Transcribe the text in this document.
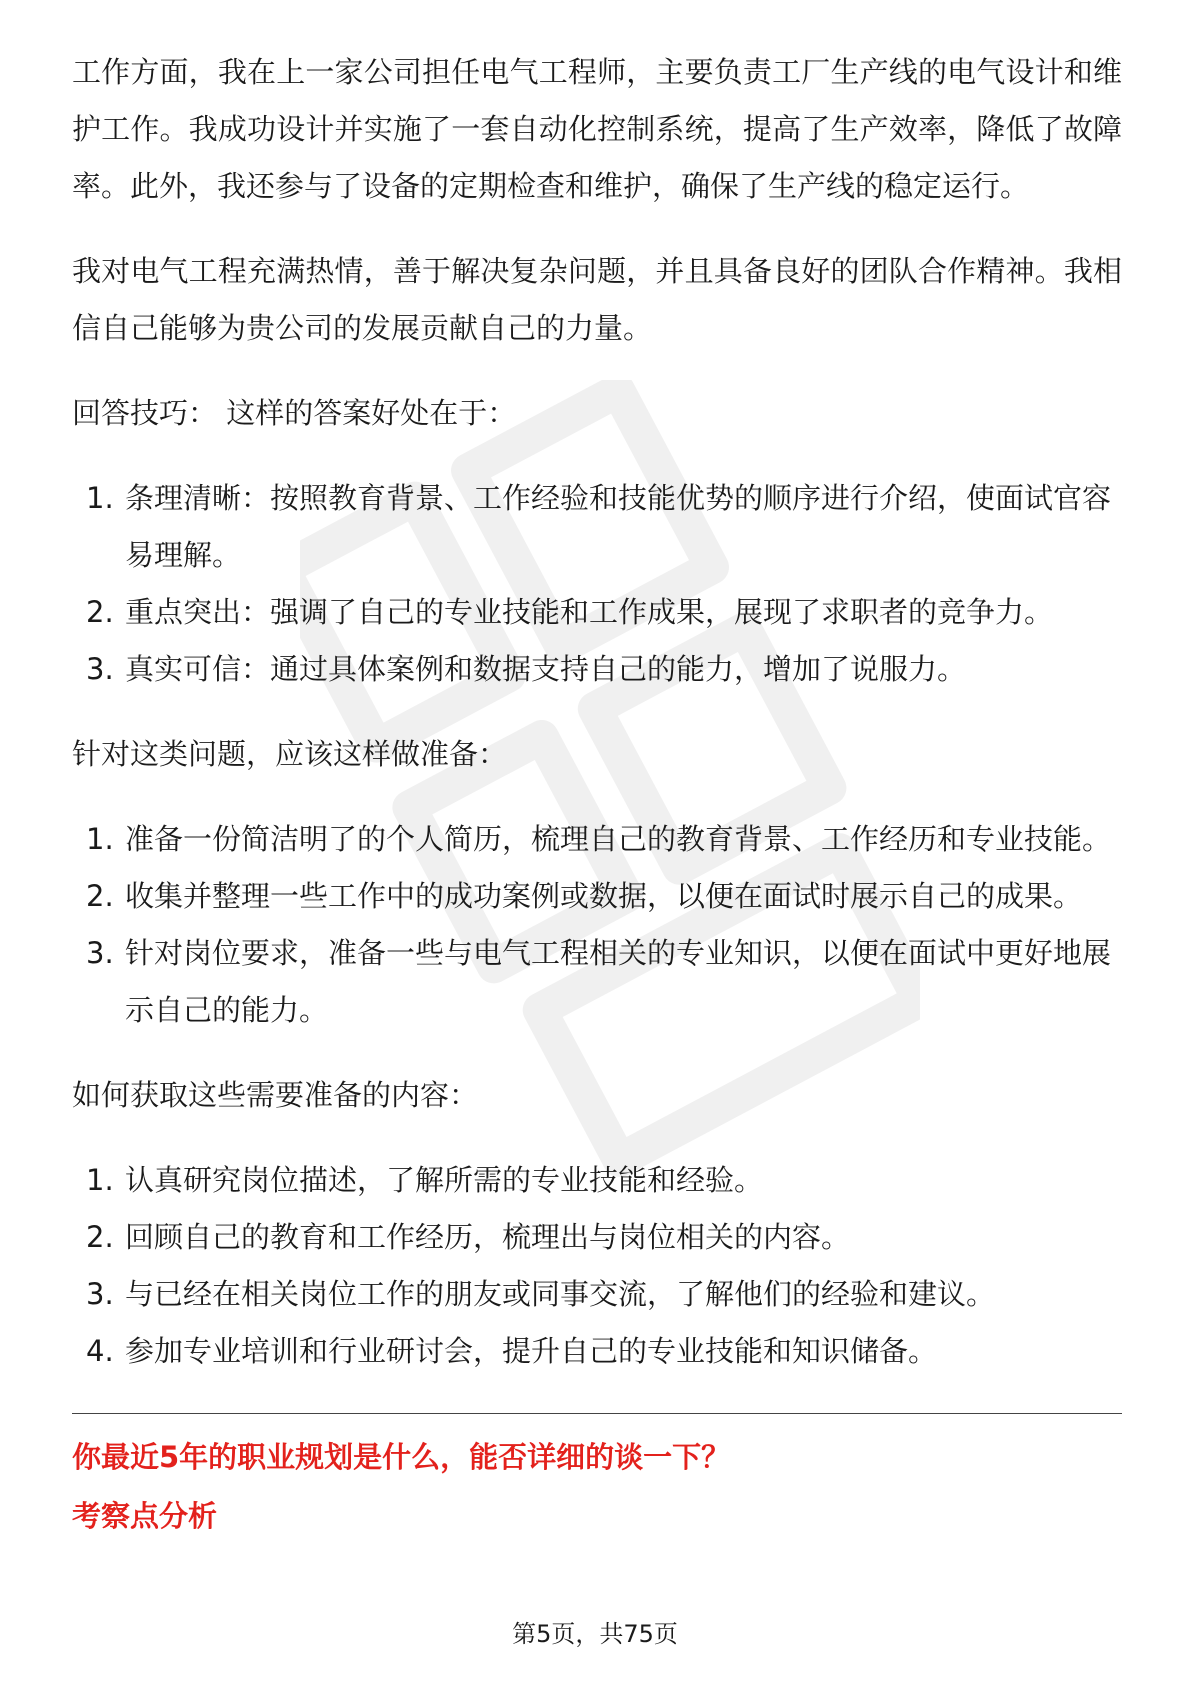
工作方面，我在上一家公司担任电气工程师，主要负责工厂生产线的电气设计和维护工作。我成功设计并实施了一套自动化控制系统，提高了生产效率，降低了故障率。此外，我还参与了设备的定期检查和维护，确保了生产线的稳定运行。

我对电气工程充满热情，善于解决复杂问题，并且具备良好的团队合作精神。我相信自己能够为贵公司的发展贡献自己的力量。

回答技巧： 这样的答案好处在于：

1. 条理清晰：按照教育背景、工作经验和技能优势的顺序进行介绍，使面试官容易理解。
2. 重点突出：强调了自己的专业技能和工作成果，展现了求职者的竞争力。
3. 真实可信：通过具体案例和数据支持自己的能力，增加了说服力。

针对这类问题，应该这样做准备：

1. 准备一份简洁明了的个人简历，梳理自己的教育背景、工作经历和专业技能。
2. 收集并整理一些工作中的成功案例或数据，以便在面试时展示自己的成果。
3. 针对岗位要求，准备一些与电气工程相关的专业知识，以便在面试中更好地展示自己的能力。

如何获取这些需要准备的内容：

1. 认真研究岗位描述，了解所需的专业技能和经验。
2. 回顾自己的教育和工作经历，梳理出与岗位相关的内容。
3. 与已经在相关岗位工作的朋友或同事交流，了解他们的经验和建议。
4. 参加专业培训和行业研讨会，提升自己的专业技能和知识储备。

你最近5年的职业规划是什么，能否详细的谈一下？

考察点分析

第5页，共75页
